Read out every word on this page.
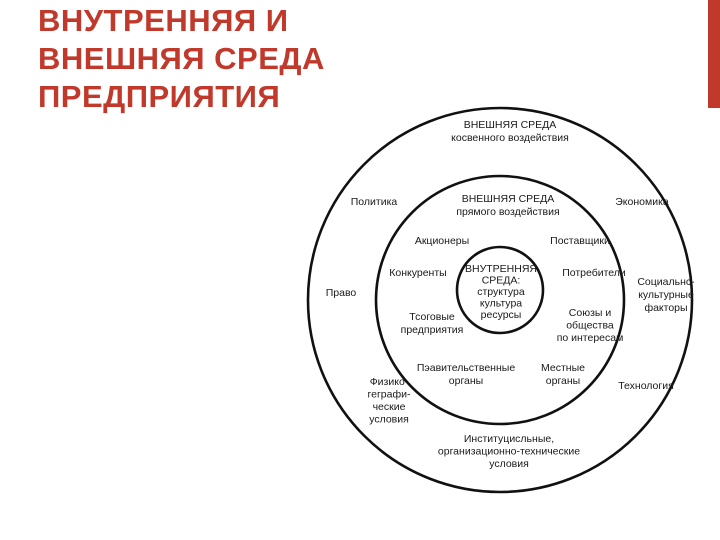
ВНУТРЕННЯЯ И
ВНЕШНЯЯ СРЕДА
ПРЕДПРИЯТИЯ
ВНЕШНЯЯ СРЕДА косвенного воздействия
Политика	Экономика
Право
Социальнс-культурные факторы
Физико-геграфи-ческие условия
Технология
Институцисльные, организационно-технические условия
ВНЕШНЯЯ СРЕДА прямого воздействия
Акционеры	Поставщики
Конкуренты	Потребители
Тсоговые предприятия
Союзы и общества по интересам
Пэавительственные органы
Местные органы
ВНУТРЕННЯЯ СРЕДА: структура культура ресурсы
